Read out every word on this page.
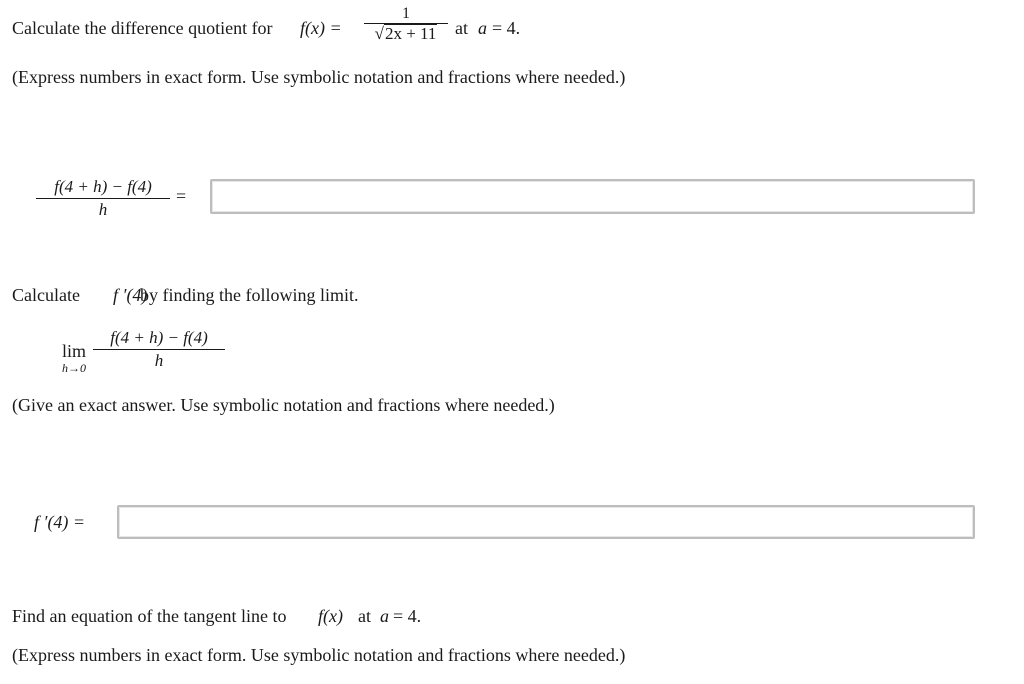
Calculate the difference quotient for f(x) =
1
√2x + 11	at a = 4.
(Express numbers in exact form. Use symbolic notation and fractions where needed.)
f(4 + h) − f(4)
h
=
Calculate f ′(4)
by finding the following limit.
lim
h→0
f(4 + h) − f(4)
h
(Give an exact answer. Use symbolic notation and fractions where needed.)
f ′(4) =
Find an equation of the tangent line to f(x) at a = 4.
(Express numbers in exact form. Use symbolic notation and fractions where needed.)
